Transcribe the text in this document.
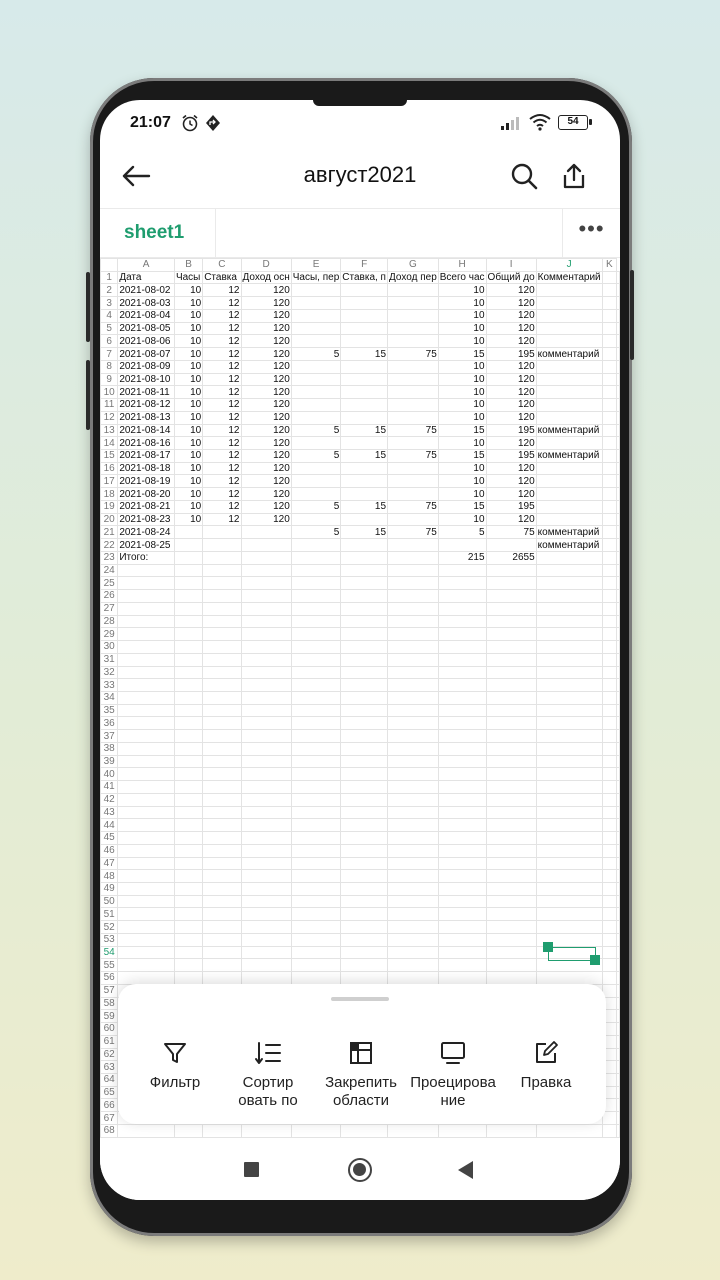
21:07	54
август2021
sheet1	•••
	A	B	C	D	E	F	G	H	I	J	K	
1	Дата	Часы	Ставка	Доход осн	Часы, пер	Ставка, п	Доход пер	Всего час	Общий до	Комментарий		
2	2021-08-02	10	12	120				10	120			
3	2021-08-03	10	12	120				10	120			
4	2021-08-04	10	12	120				10	120			
5	2021-08-05	10	12	120				10	120			
6	2021-08-06	10	12	120				10	120			
7	2021-08-07	10	12	120	5	15	75	15	195	комментарий		
8	2021-08-09	10	12	120				10	120			
9	2021-08-10	10	12	120				10	120			
10	2021-08-11	10	12	120				10	120			
11	2021-08-12	10	12	120				10	120			
12	2021-08-13	10	12	120				10	120			
13	2021-08-14	10	12	120	5	15	75	15	195	комментарий		
14	2021-08-16	10	12	120				10	120			
15	2021-08-17	10	12	120	5	15	75	15	195	комментарий		
16	2021-08-18	10	12	120				10	120			
17	2021-08-19	10	12	120				10	120			
18	2021-08-20	10	12	120				10	120			
19	2021-08-21	10	12	120	5	15	75	15	195			
20	2021-08-23	10	12	120				10	120			
21	2021-08-24				5	15	75	5	75	комментарий		
22	2021-08-25									комментарий		
23	Итого:							215	2655			
24												
25												
26												
27												
28												
29												
30												
31												
32												
33												
34												
35												
36												
37												
38												
39												
40												
41												
42												
43												
44												
45												
46												
47												
48												
49												
50												
51												
52												
53												
54												
55												
56												
57												
58												
59												
60												
61												
62												
63												
64												
65												
66												
67												
68												
Фильтр	Сортир овать по
Закрепить области
Проецирова ние
Правка
